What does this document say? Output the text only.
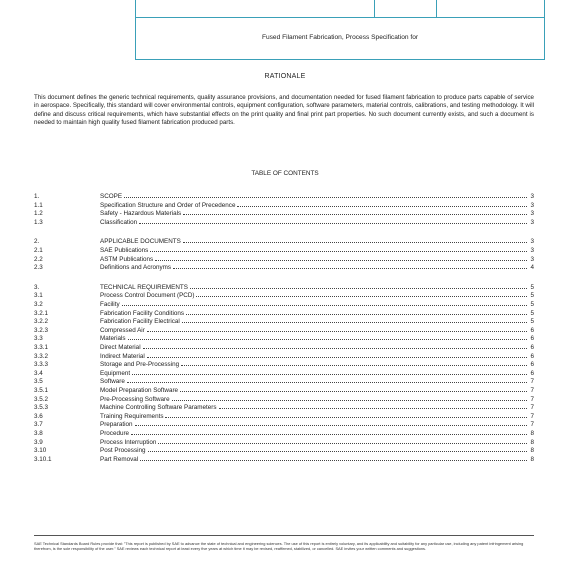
Fused Filament Fabrication, Process Specification for
RATIONALE
This document defines the generic technical requirements, quality assurance provisions, and documentation needed for fused filament fabrication to produce parts capable of service in aerospace. Specifically, this standard will cover environmental controls, equipment configuration, software parameters, material controls, calibrations, and testing methodology. It will define and discuss critical requirements, which have substantial effects on the print quality and final print part properties. No such document currently exists, and such a document is needed to maintain high quality fused filament fabrication produced parts.
TABLE OF CONTENTS
1.	SCOPE	3
1.1	Specification Structure and Order of Precedence	3
1.2	Safety - Hazardous Materials	3
1.3	Classification	3
2.	APPLICABLE DOCUMENTS	3
2.1	SAE Publications	3
2.2	ASTM Publications	3
2.3	Definitions and Acronyms	4
3.	TECHNICAL REQUIREMENTS	5
3.1	Process Control Document (PCD)	5
3.2	Facility	5
3.2.1	Fabrication Facility Conditions	5
3.2.2	Fabrication Facility Electrical	5
3.2.3	Compressed Air	6
3.3	Materials	6
3.3.1	Direct Material	6
3.3.2	Indirect Material	6
3.3.3	Storage and Pre-Processing	6
3.4	Equipment	6
3.5	Software	7
3.5.1	Model Preparation Software	7
3.5.2	Pre-Processing Software	7
3.5.3	Machine Controlling Software Parameters	7
3.6	Training Requirements	7
3.7	Preparation	7
3.8	Procedure	8
3.9	Process Interruption	8
3.10	Post Processing	8
3.10.1	Part Removal	8
SAE Technical Standards Board Rules provide that: "This report is published by SAE to advance the state of technical and engineering sciences. The use of this report is entirely voluntary, and its applicability and suitability for any particular use, including any patent infringement arising therefrom, is the sole responsibility of the user." SAE reviews each technical report at least every five years at which time it may be revised, reaffirmed, stabilized, or cancelled. SAE invites your written comments and suggestions.
